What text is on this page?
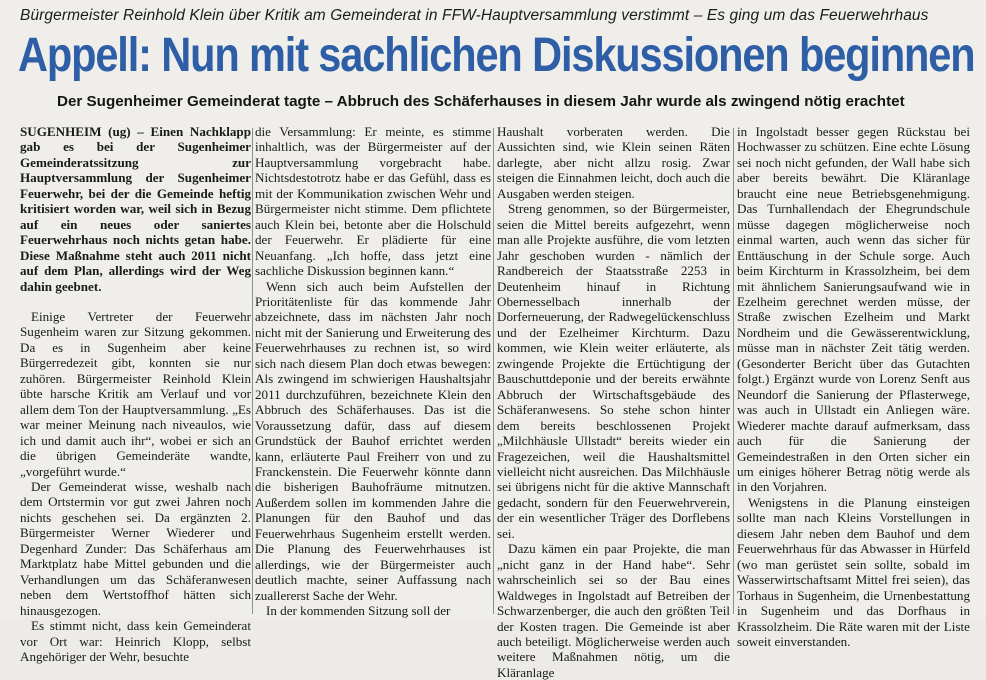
Bürgermeister Reinhold Klein über Kritik am Gemeinderat in FFW-Hauptversammlung verstimmt – Es ging um das Feuerwehrhaus
Appell: Nun mit sachlichen Diskussionen beginnen
Der Sugenheimer Gemeinderat tagte – Abbruch des Schäferhauses in diesem Jahr wurde als zwingend nötig erachtet

SUGENHEIM (ug) – Einen Nachklapp gab es bei der Sugenheimer Gemeinderatssitzung zur Hauptversammlung der Sugenheimer Feuerwehr, bei der die Gemeinde heftig kritisiert worden war, weil sich in Bezug auf ein neues oder saniertes Feuerwehrhaus noch nichts getan habe. Diese Maßnahme steht auch 2011 nicht auf dem Plan, allerdings wird der Weg dahin geebnet.

Einige Vertreter der Feuerwehr Sugenheim waren zur Sitzung gekommen. Da es in Sugenheim aber keine Bürgerredezeit gibt, konnten sie nur zuhören. Bürgermeister Reinhold Klein übte harsche Kritik am Verlauf und vor allem dem Ton der Hauptversammlung. „Es war meiner Meinung nach niveaulos, wie ich und damit auch ihr“, wobei er sich an die übrigen Gemeinderäte wandte, „vorgeführt wurde.“

Der Gemeinderat wisse, weshalb nach dem Ortstermin vor gut zwei Jahren noch nichts geschehen sei. Da ergänzten 2. Bürgermeister Werner Wiederer und Degenhard Zunder: Das Schäferhaus am Marktplatz habe Mittel gebunden und die Verhandlungen um das Schäferanwesen neben dem Wertstoffhof hätten sich hinausgezogen.

Es stimmt nicht, dass kein Gemeinderat vor Ort war: Heinrich Klopp, selbst Angehöriger der Wehr, besuchte

die Versammlung: Er meinte, es stimme inhaltlich, was der Bürgermeister auf der Hauptversammlung vorgebracht habe. Nichtsdestotrotz habe er das Gefühl, dass es mit der Kommunikation zwischen Wehr und Bürgermeister nicht stimme. Dem pflichtete auch Klein bei, betonte aber die Holschuld der Feuerwehr. Er plädierte für eine Neuanfang. „Ich hoffe, dass jetzt eine sachliche Diskussion beginnen kann.“

Wenn sich auch beim Aufstellen der Prioritätenliste für das kommende Jahr abzeichnete, dass im nächsten Jahr noch nicht mit der Sanierung und Erweiterung des Feuerwehrhauses zu rechnen ist, so wird sich nach diesem Plan doch etwas bewegen: Als zwingend im schwierigen Haushaltsjahr 2011 durchzuführen, bezeichnete Klein den Abbruch des Schäferhauses. Das ist die Voraussetzung dafür, dass auf diesem Grundstück der Bauhof errichtet werden kann, erläuterte Paul Freiherr von und zu Franckenstein. Die Feuerwehr könnte dann die bisherigen Bauhofräume mitnutzen. Außerdem sollen im kommenden Jahre die Planungen für den Bauhof und das Feuerwehrhaus Sugenheim erstellt werden. Die Planung des Feuerwehrhauses ist allerdings, wie der Bürgermeister auch deutlich machte, seiner Auffassung nach zuallererst Sache der Wehr.

In der kommenden Sitzung soll der

Haushalt vorberaten werden. Die Aussichten sind, wie Klein seinen Räten darlegte, aber nicht allzu rosig. Zwar steigen die Einnahmen leicht, doch auch die Ausgaben werden steigen.

Streng genommen, so der Bürgermeister, seien die Mittel bereits aufgezehrt, wenn man alle Projekte ausführe, die vom letzten Jahr geschoben wurden - nämlich der Randbereich der Staatsstraße 2253 in Deutenheim hinauf in Richtung Obernesselbach innerhalb der Dorferneuerung, der Radwegelückenschluss und der Ezelheimer Kirchturm. Dazu kommen, wie Klein weiter erläuterte, als zwingende Projekte die Ertüchtigung der Bauschuttdeponie und der bereits erwähnte Abbruch der Wirtschaftsgebäude des Schäferanwesens. So stehe schon hinter dem bereits beschlossenen Projekt „Milchhäusle Ullstadt“ bereits wieder ein Fragezeichen, weil die Haushaltsmittel vielleicht nicht ausreichen. Das Milchhäusle sei übrigens nicht für die aktive Mannschaft gedacht, sondern für den Feuerwehrverein, der ein wesentlicher Träger des Dorflebens sei.

Dazu kämen ein paar Projekte, die man „nicht ganz in der Hand habe“. Sehr wahrscheinlich sei so der Bau eines Waldweges in Ingolstadt auf Betreiben der Schwarzenberger, die auch den größten Teil der Kosten tragen. Die Gemeinde ist aber auch beteiligt. Möglicherweise werden auch weitere Maßnahmen nötig, um die Kläranlage

in Ingolstadt besser gegen Rückstau bei Hochwasser zu schützen. Eine echte Lösung sei noch nicht gefunden, der Wall habe sich aber bereits bewährt. Die Kläranlage braucht eine neue Betriebsgenehmigung. Das Turnhallendach der Ehegrundschule müsse dagegen möglicherweise noch einmal warten, auch wenn das sicher für Enttäuschung in der Schule sorge. Auch beim Kirchturm in Krassolzheim, bei dem mit ähnlichem Sanierungsaufwand wie in Ezelheim gerechnet werden müsse, der Straße zwischen Ezelheim und Markt Nordheim und die Gewässerentwicklung, müsse man in nächster Zeit tätig werden.(Gesonderter Bericht über das Gutachten folgt.) Ergänzt wurde von Lorenz Senft aus Neundorf die Sanierung der Pflasterwege, was auch in Ullstadt ein Anliegen wäre. Wiederer machte darauf aufmerksam, dass auch für die Sanierung der Gemeindestraßen in den Orten sicher ein um einiges höherer Betrag nötig werde als in den Vorjahren.

Wenigstens in die Planung einsteigen sollte man nach Kleins Vorstellungen in diesem Jahr neben dem Bauhof und dem Feuerwehrhaus für das Abwasser in Hürfeld (wo man gerüstet sein sollte, sobald im Wasserwirtschaftsamt Mittel frei seien), das Torhaus in Sugenheim, die Urnenbestattung in Sugenheim und das Dorfhaus in Krassolzheim. Die Räte waren mit der Liste soweit einverstanden.
